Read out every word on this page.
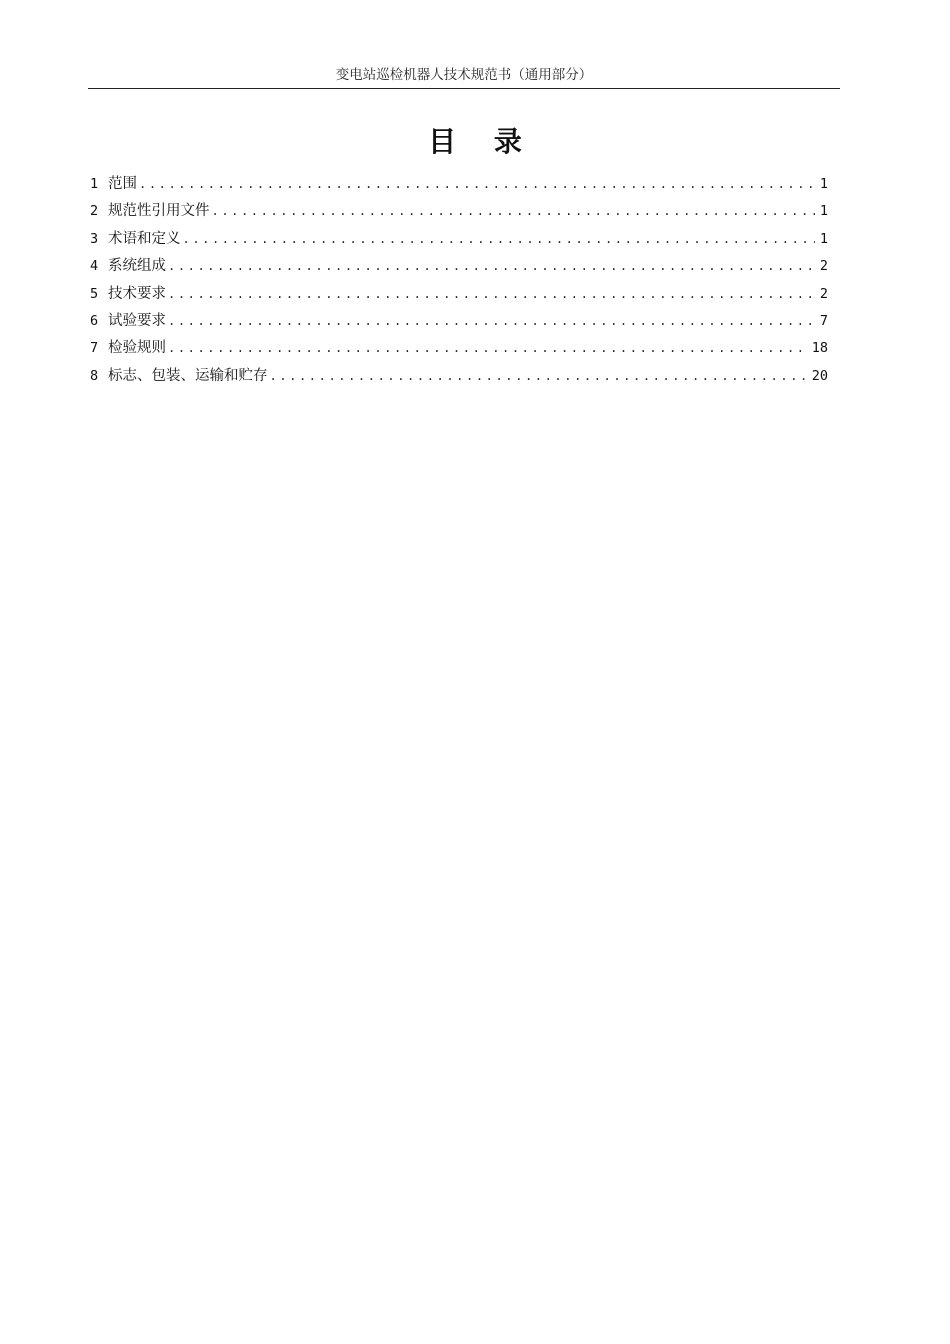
变电站巡检机器人技术规范书（通用部分）
目 录
1 范围 .....	1
2 规范性引用文件 .....	1
3 术语和定义 .....	1
4 系统组成 .....	2
5 技术要求 .....	2
6 试验要求 .....	7
7 检验规则 .....	18
8 标志、包装、运输和贮存 .....	20
